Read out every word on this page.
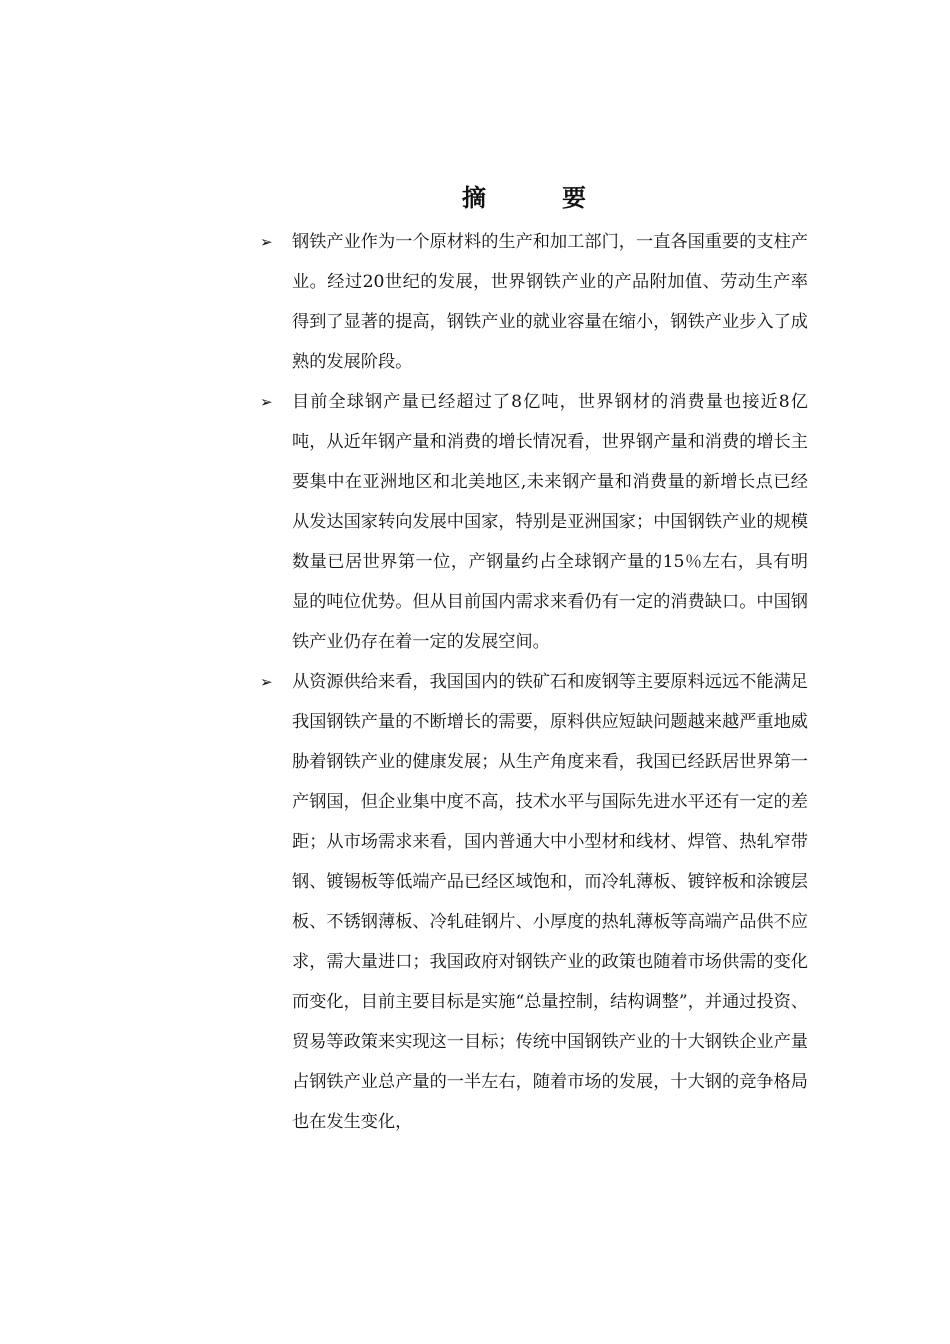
摘　要
➢	钢铁产业作为一个原材料的生产和加工部门，一直各国重要的支柱产业。经过20世纪的发展，世界钢铁产业的产品附加值、劳动生产率得到了显著的提高，钢铁产业的就业容量在缩小，钢铁产业步入了成熟的发展阶段。
➢	目前全球钢产量已经超过了8亿吨，世界钢材的消费量也接近8亿吨，从近年钢产量和消费的增长情况看，世界钢产量和消费的增长主要集中在亚洲地区和北美地区,未来钢产量和消费量的新增长点已经从发达国家转向发展中国家，特别是亚洲国家；中国钢铁产业的规模数量已居世界第一位，产钢量约占全球钢产量的15％左右，具有明显的吨位优势。但从目前国内需求来看仍有一定的消费缺口。中国钢铁产业仍存在着一定的发展空间。
➢	从资源供给来看，我国国内的铁矿石和废钢等主要原料远远不能满足我国钢铁产量的不断增长的需要，原料供应短缺问题越来越严重地威胁着钢铁产业的健康发展；从生产角度来看，我国已经跃居世界第一产钢国，但企业集中度不高，技术水平与国际先进水平还有一定的差距；从市场需求来看，国内普通大中小型材和线材、焊管、热轧窄带钢、镀锡板等低端产品已经区域饱和，而冷轧薄板、镀锌板和涂镀层板、不锈钢薄板、冷轧硅钢片、小厚度的热轧薄板等高端产品供不应求，需大量进口；我国政府对钢铁产业的政策也随着市场供需的变化而变化，目前主要目标是实施“总量控制，结构调整”，并通过投资、贸易等政策来实现这一目标；传统中国钢铁产业的十大钢铁企业产量占钢铁产业总产量的一半左右，随着市场的发展，十大钢的竞争格局也在发生变化，
